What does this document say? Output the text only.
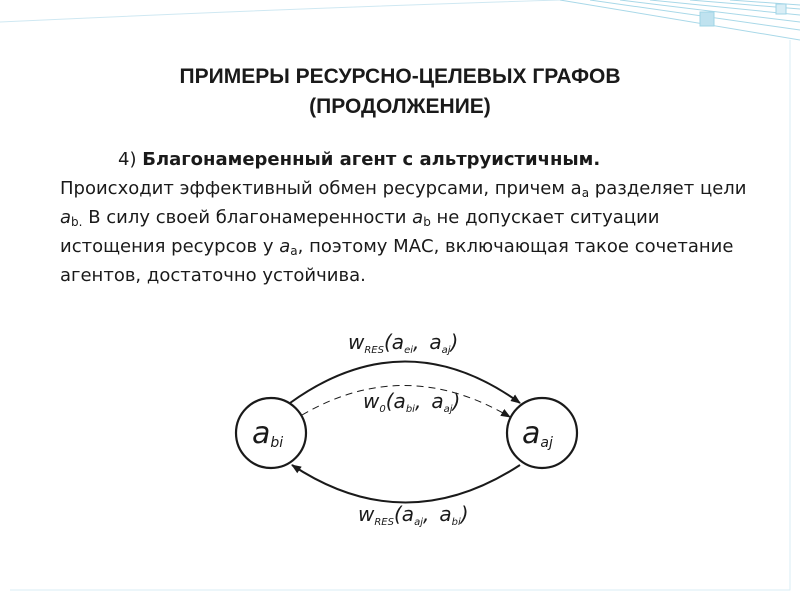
ПРИМЕРЫ РЕСУРСНО-ЦЕЛЕВЫХ ГРАФОВ
(ПРОДОЛЖЕНИЕ)
4) Благонамеренный агент с альтруистичным.
Происходит эффективный обмен ресурсами, причем $a_a$ разделяет цели $a_{b.}$ В силу своей благонамеренности $a_b$ не допускает ситуации истощения ресурсов у $a_a$, поэтому МАС, включающая такое сочетание агентов, достаточно устойчива.
abi	aaj
$w_{RES}(a_{ei}$, $a_{aj}$)
$w_0(a_{bi}$, $a_{aj}$)
$w_{RES}(a_{aj}$, $a_{bi}$)
